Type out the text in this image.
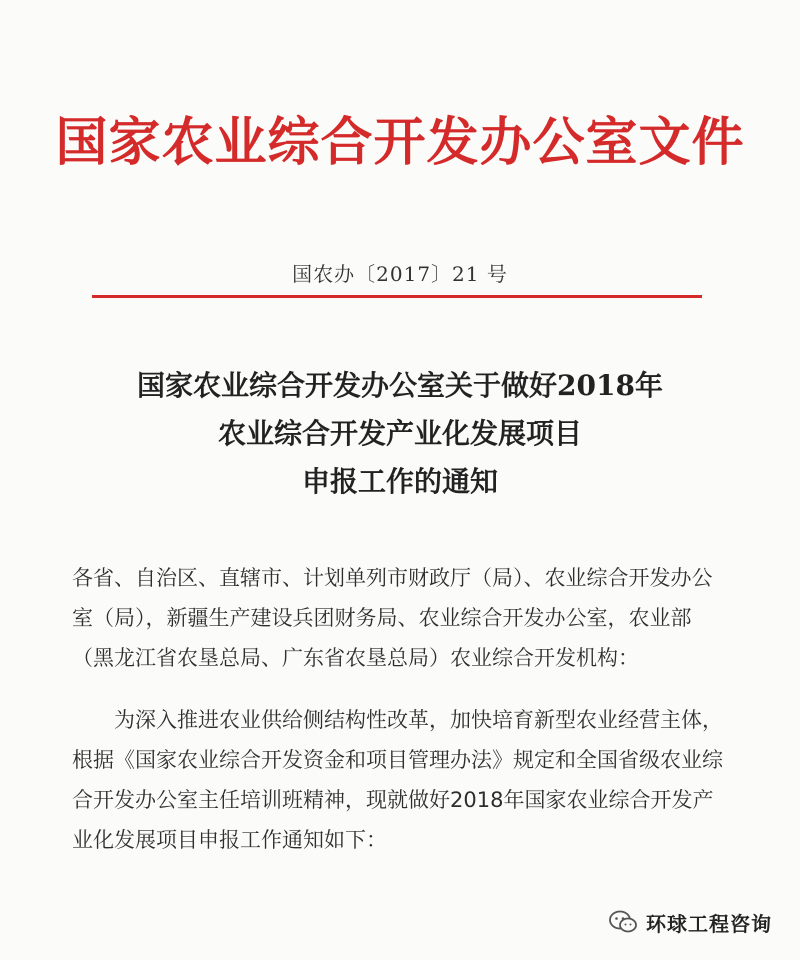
国家农业综合开发办公室文件
国农办〔2017〕21 号
国家农业综合开发办公室关于做好2018年
农业综合开发产业化发展项目
申报工作的通知

各省、自治区、直辖市、计划单列市财政厅（局）、农业综合开发办公室（局），新疆生产建设兵团财务局、农业综合开发办公室，农业部（黑龙江省农垦总局、广东省农垦总局）农业综合开发机构：

为深入推进农业供给侧结构性改革，加快培育新型农业经营主体，根据《国家农业综合开发资金和项目管理办法》规定和全国省级农业综合开发办公室主任培训班精神，现就做好2018年国家农业综合开发产业化发展项目申报工作通知如下：

环球工程咨询
